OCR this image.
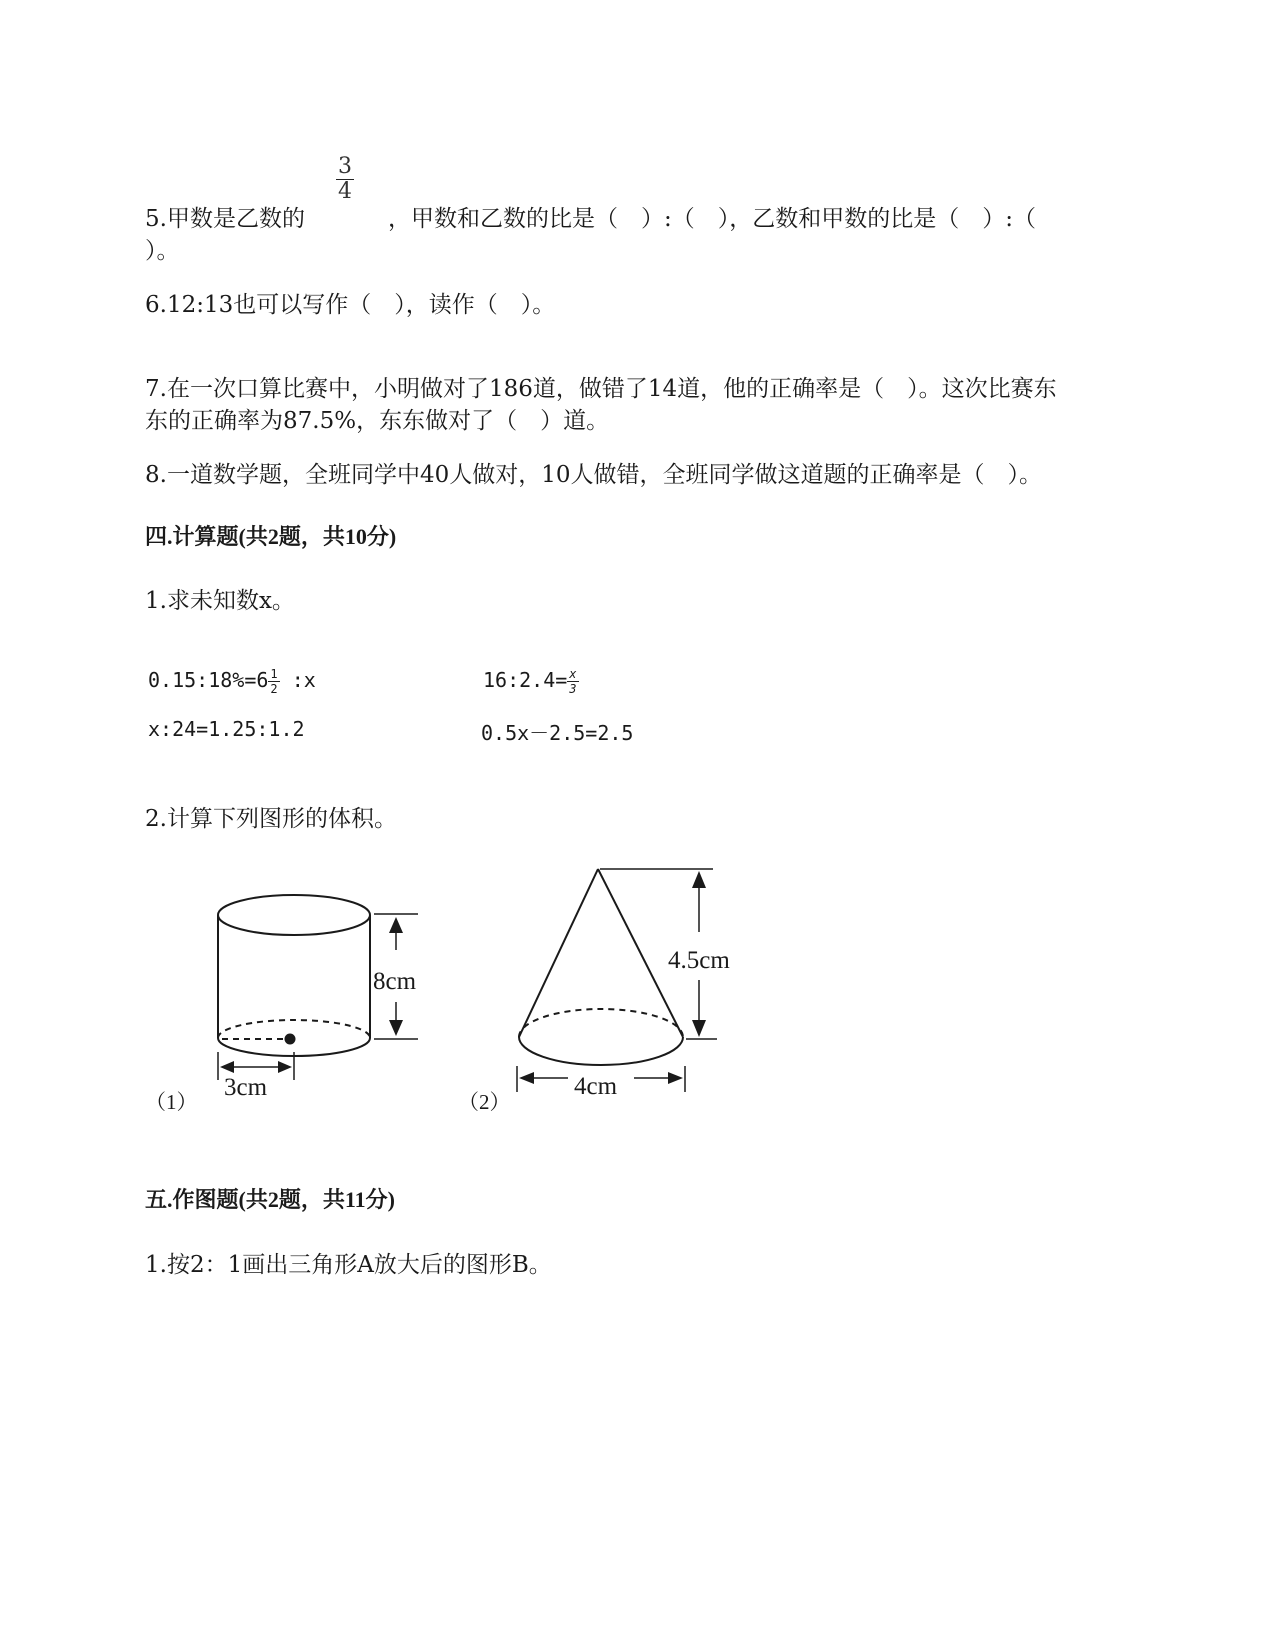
5.甲数是乙数的
$\frac{3}{4}$
，甲数和乙数的比是（　）:（　），乙数和甲数的比是（　）:（
）。
6.12:13也可以写作（　），读作（　）。
7.在一次口算比赛中，小明做对了186道，做错了14道，他的正确率是（　）。这次比赛东
东的正确率为87.5%，东东做对了（　）道。
8.一道数学题，全班同学中40人做对，10人做错，全班同学做这道题的正确率是（　）。
四.计算题(共2题，共10分)
1.求未知数x。
0.15:18%=6 $\frac{1}{2}$ :x	16:2.4= $\frac{x}{3}$
x:24=1.25:1.2	0.5x－2.5=2.5
2.计算下列图形的体积。
8cm
3cm
（1）
4.5cm
4cm
（2）
五.作图题(共2题，共11分)
1.按2：1画出三角形A放大后的图形B。
